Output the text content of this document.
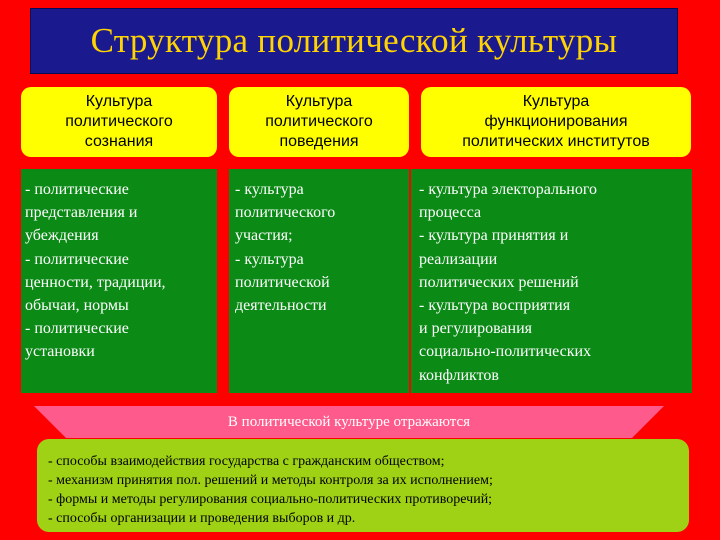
Структура политической культуры
Культура
политического
сознания
Культура
политического
поведения
Культура
функционирования
политических институтов
- политические
представления и
убеждения
- политические
ценности, традиции,
обычаи, нормы
- политические
установки
- культура
политического
участия;
- культура
политической
деятельности
- культура электорального
процесса
- культура принятия и
реализации
политических решений
- культура восприятия
и регулирования
социально-политических
конфликтов
В политической культуре отражаются
- способы взаимодействия государства с гражданским обществом;
- механизм принятия пол. решений и методы контроля за их исполнением;
- формы и методы регулирования социально-политических противоречий;
- способы организации и проведения выборов и др.
